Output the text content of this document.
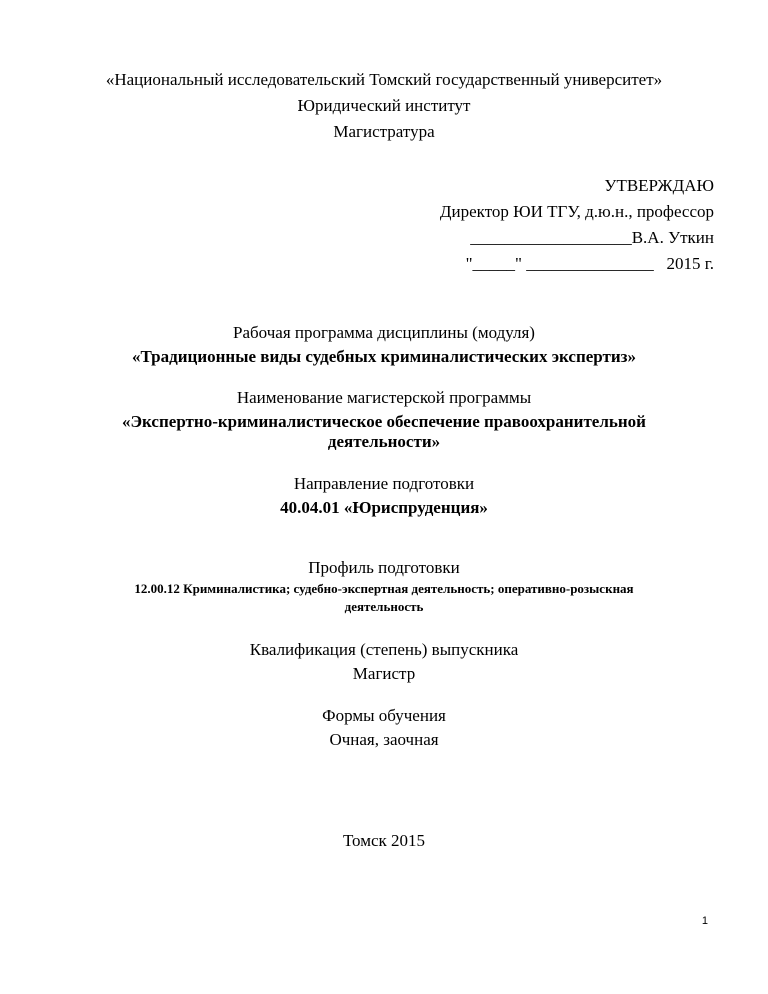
«Национальный исследовательский Томский государственный университет»
Юридический институт
Магистратура
УТВЕРЖДАЮ
Директор ЮИ ТГУ, д.ю.н., профессор
___________________В.А. Уткин
"_____" _______________   2015 г.
Рабочая программа дисциплины (модуля)
«Традиционные виды судебных криминалистических экспертиз»
Наименование магистерской программы
«Экспертно-криминалистическое обеспечение правоохранительной
деятельности»
Направление подготовки
40.04.01 «Юриспруденция»
Профиль подготовки
12.00.12 Криминалистика; судебно-экспертная деятельность; оперативно-розыскная
деятельность
Квалификация (степень) выпускника
Магистр
Формы обучения
Очная, заочная
Томск 2015
1
